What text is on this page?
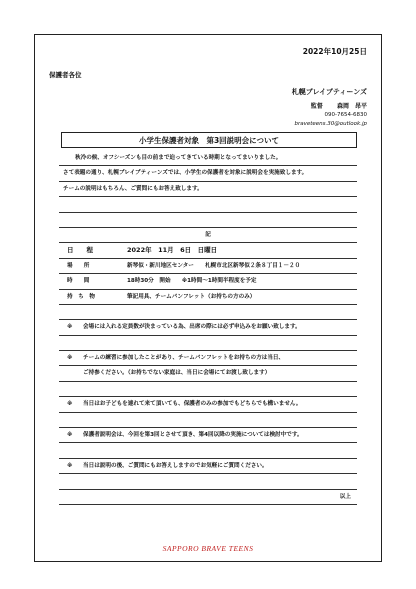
2022年10月25日
保護者各位
札幌ブレイブティーンズ
監督 森岡　昂平
090-7654-6830
braveteens.30@outlook.jp
小学生保護者対象　第3回説明会について
秋冷の候、オフシーズンも目の前まで迫ってきている時期となってまいりました。
さて表題の通り、札幌ブレイブティーンズでは、小学生の保護者を対象に説明会を実施致します。
チームの説明はもちろん、ご質問にもお答え致します。
記
日　　程	2022年　11月　6日　日曜日
場　　所	新琴似・新川地区センター　　札幌市北区新琴似２条８丁目１－２０
時　　間	18時30分　開始　　※1時間～1時間半程度を予定
持　ち　物	筆記用具、チームパンフレット（お持ちの方のみ）
※ 会場には入れる定員数が決まっている為、出席の際には必ず申込みをお願い致します。
※ チームの練習に参加したことがあり、チームパンフレットをお持ちの方は当日、
ご持参ください。（お持ちでない家庭は、当日に会場にてお渡し致します）
※ 当日はお子どもを連れて来て頂いても、保護者のみの参加でもどちらでも構いません。
※ 保護者説明会は、今回を第3回とさせて頂き、第4回以降の実施については検討中です。
※ 当日は説明の後、ご質問にもお答えしますのでお気軽にご質問ください。
以上
SAPPORO BRAVE TEENS
